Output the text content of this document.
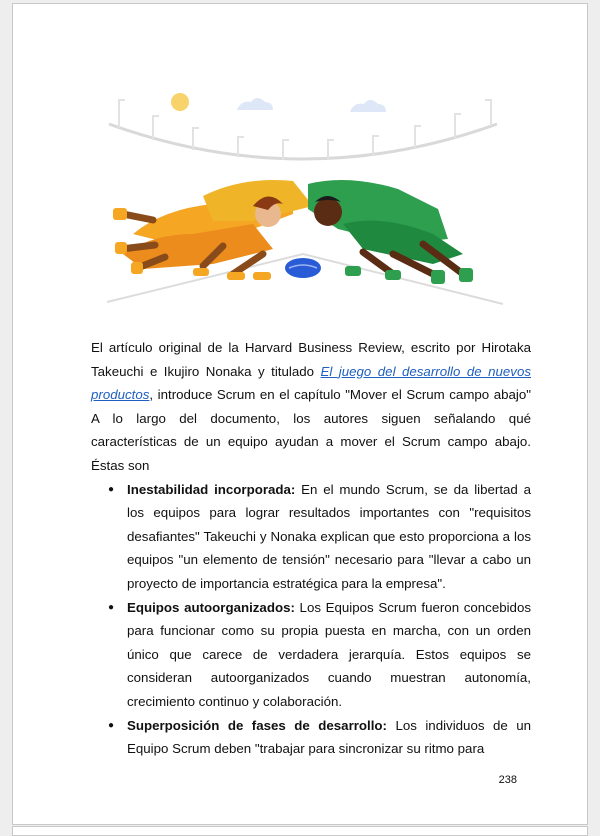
El artículo original de la Harvard Business Review, escrito por Hirotaka Takeuchi e Ikujiro Nonaka y titulado El juego del desarrollo de nuevos productos, introduce Scrum en el capítulo "Mover el Scrum campo abajo" A lo largo del documento, los autores siguen señalando qué características de un equipo ayudan a mover el Scrum campo abajo. Éstas son

● Inestabilidad incorporada: En el mundo Scrum, se da libertad a los equipos para lograr resultados importantes con "requisitos desafiantes" Takeuchi y Nonaka explican que esto proporciona a los equipos "un elemento de tensión" necesario para "llevar a cabo un proyecto de importancia estratégica para la empresa".
● Equipos autoorganizados: Los Equipos Scrum fueron concebidos para funcionar como su propia puesta en marcha, con un orden único que carece de verdadera jerarquía. Estos equipos se consideran autoorganizados cuando muestran autonomía, crecimiento continuo y colaboración.
● Superposición de fases de desarrollo: Los individuos de un Equipo Scrum deben "trabajar para sincronizar su ritmo para
238
